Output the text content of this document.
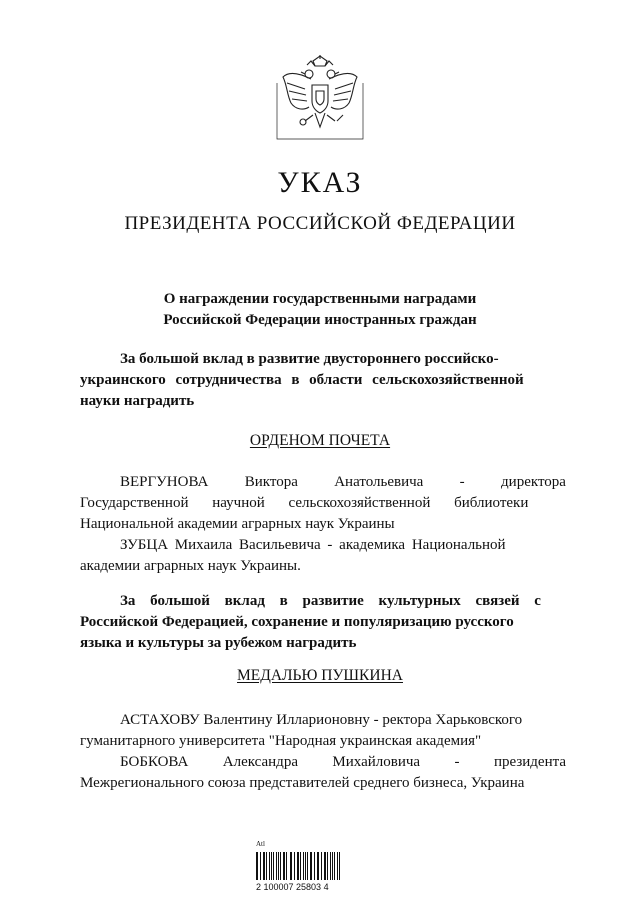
УКАЗ
ПРЕЗИДЕНТА РОССИЙСКОЙ ФЕДЕРАЦИИ
О награждении государственными наградами
Российской Федерации иностранных граждан
За большой вклад в развитие двустороннего российско-
украинского сотрудничества в области сельскохозяйственной
науки наградить
ОРДЕНОМ ПОЧЕТА
ВЕРГУНОВА Виктора Анатольевича - директора
Государственной научной сельскохозяйственной библиотеки
Национальной академии аграрных наук Украины
ЗУБЦА Михаила Васильевича - академика Национальной
академии аграрных наук Украины.
За большой вклад в развитие культурных связей с
Российской Федерацией, сохранение и популяризацию русского
языка и культуры за рубежом наградить
МЕДАЛЬЮ ПУШКИНА
АСТАХОВУ Валентину Илларионовну - ректора Харьковского
гуманитарного университета "Народная украинская академия"
БОБКОВА Александра Михайловича - президента
Межрегионального союза представителей среднего бизнеса, Украина
Atl
2 100007 25803 4
